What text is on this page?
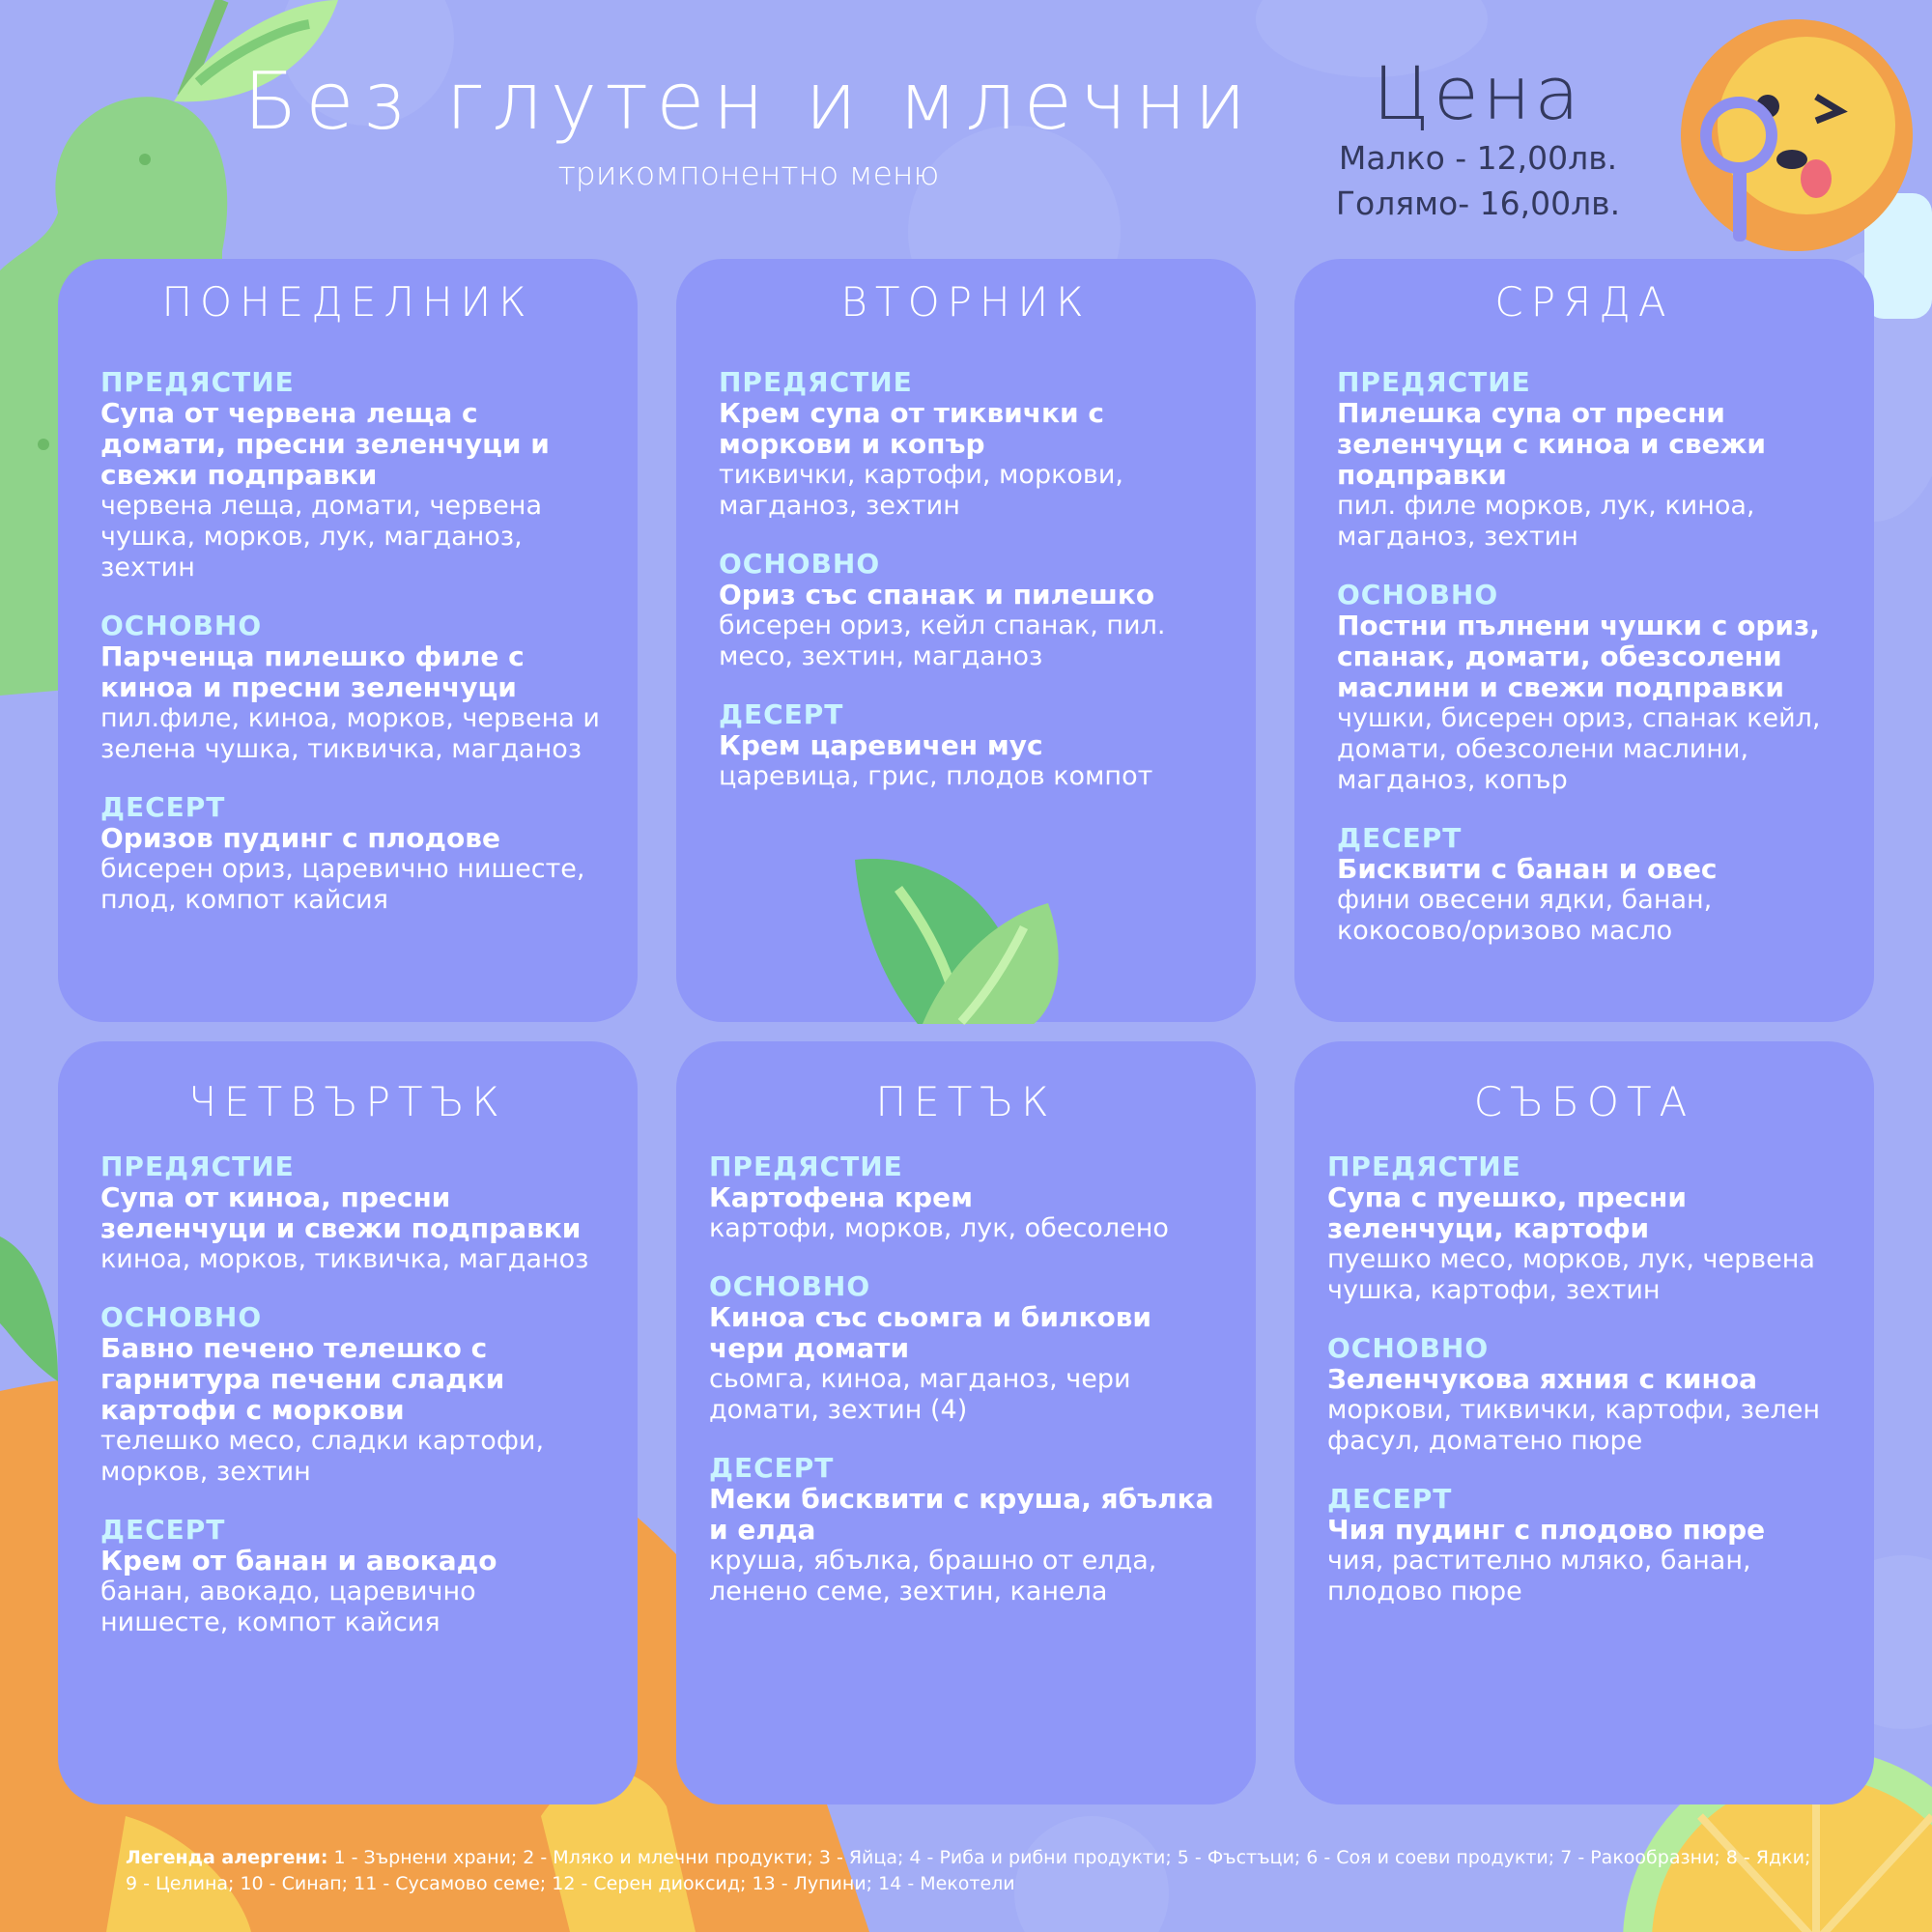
Без глутен и млечни
трикомпонентно меню
Цена
Малко - 12,00лв.
Голямо- 16,00лв.
ПОНЕДЕЛНИК
ПРЕДЯСТИЕ
Супа от червена леща с домати, пресни зеленчуци и свежи подправки
червена леща, домати, червена чушка, морков, лук, магданоз, зехтин
ОСНОВНО
Парченца пилешко филе с киноа и пресни зеленчуци
пил.филе, киноа, морков, червена и зелена чушка, тиквичка, магданоз
ДЕСЕРТ
Оризов пудинг с плодове
бисерен ориз, царевично нишесте, плод, компот кайсия
ВТОРНИК
ПРЕДЯСТИЕ
Крем супа от тиквички с моркови и копър
тиквички, картофи, моркови, магданоз, зехтин
ОСНОВНО
Ориз със спанак и пилешко
бисерен ориз, кейл спанак, пил. месо, зехтин, магданоз
ДЕСЕРТ
Крем царевичен мус
царевица, грис, плодов компот
СРЯДА
ПРЕДЯСТИЕ
Пилешка супа от пресни зеленчуци с киноа и свежи подправки
пил. филе морков, лук, киноа, магданоз, зехтин
ОСНОВНО
Постни пълнени чушки с ориз, спанак, домати, обезсолени маслини и свежи подправки
чушки, бисерен ориз, спанак кейл, домати, обезсолени маслини, магданоз, копър
ДЕСЕРТ
Бисквити с банан и овес
фини овесени ядки, банан, кокосово/оризово масло
ЧЕТВЪРТЪК
ПРЕДЯСТИЕ
Супа от киноа, пресни зеленчуци и свежи подправки
киноа, морков, тиквичка, магданоз
ОСНОВНО
Бавно печено телешко с гарнитура печени сладки картофи с моркови
телешко месо, сладки картофи, морков, зехтин
ДЕСЕРТ
Крем от банан и авокадо
банан, авокадо, царевично нишесте, компот кайсия
ПЕТЪК
ПРЕДЯСТИЕ
Картофена крем
картофи, морков, лук, обесолено
ОСНОВНО
Киноа със сьомга и билкови чери домати
сьомга, киноа, магданоз, чери домати, зехтин (4)
ДЕСЕРТ
Меки бисквити с круша, ябълка и елда
круша, ябълка, брашно от елда, ленено семе, зехтин, канела
СЪБОТА
ПРЕДЯСТИЕ
Супа с пуешко, пресни зеленчуци, картофи
пуешко месо, морков, лук, червена чушка, картофи, зехтин
ОСНОВНО
Зеленчукова яхния с киноа
моркови, тиквички, картофи, зелен фасул, доматено пюре
ДЕСЕРТ
Чия пудинг с плодово пюре
чия, растително мляко, банан, плодово пюре
Легенда алергени: 1 - Зърнени храни; 2 - Мляко и млечни продукти; 3 - Яйца; 4 - Риба и рибни продукти; 5 - Фъстъци; 6 - Соя и соеви продукти; 7 - Ракообразни; 8 - Ядки; 9 - Целина; 10 - Синап; 11 - Сусамово семе; 12 - Серен диоксид; 13 - Лупини; 14 - Мекотели
